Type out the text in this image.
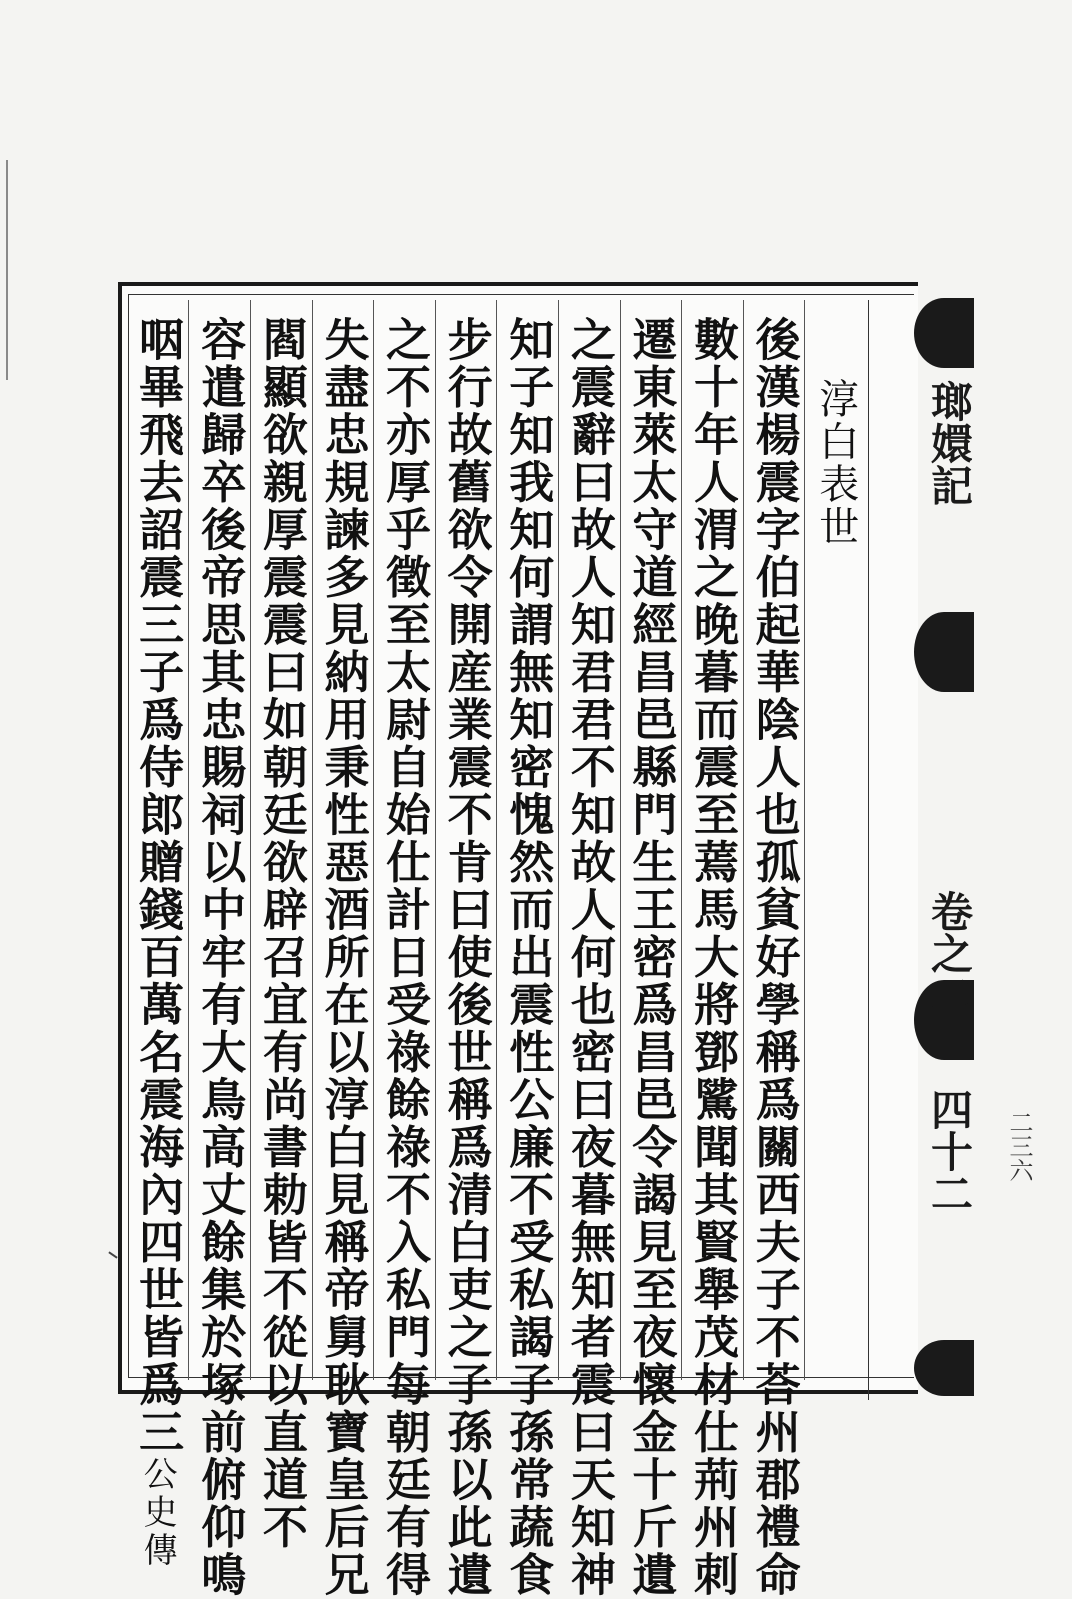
瑯嬛記
卷之二
四十二 二三六
淳白表世
後漢楊震字伯起華陰人也孤貧好學稱爲關西夫子不荅州郡禮命
數十年人渭之晚暮而震至蔫馬大將鄧騭聞其賢舉茂材仕荊州刺
遷東萊太守道經昌邑縣門生王密爲昌邑令謁見至夜懷金十斤遺
之震辭曰故人知君君不知故人何也密曰夜暮無知者震曰天知神
知子知我知何謂無知密愧然而出震性公廉不受私謁子孫常蔬食
步行故舊欲令開産業震不肯曰使後世稱爲清白吏之子孫以此遺
之不亦厚乎徵至太尉自始仕計日受祿餘祿不入私門每朝廷有得
失盡忠規諫多見納用秉性惡酒所在以淳白見稱帝舅耿寶皇后兄
閻顯欲親厚震震曰如朝廷欲辟召宜有尚書勅皆不從以直道不
容遣歸卒後帝思其忠賜祠以中牢有大鳥高丈餘集於塚前俯仰鳴
咽畢飛去詔震三子爲侍郎贈錢百萬名震海內四世皆爲三公史傳
